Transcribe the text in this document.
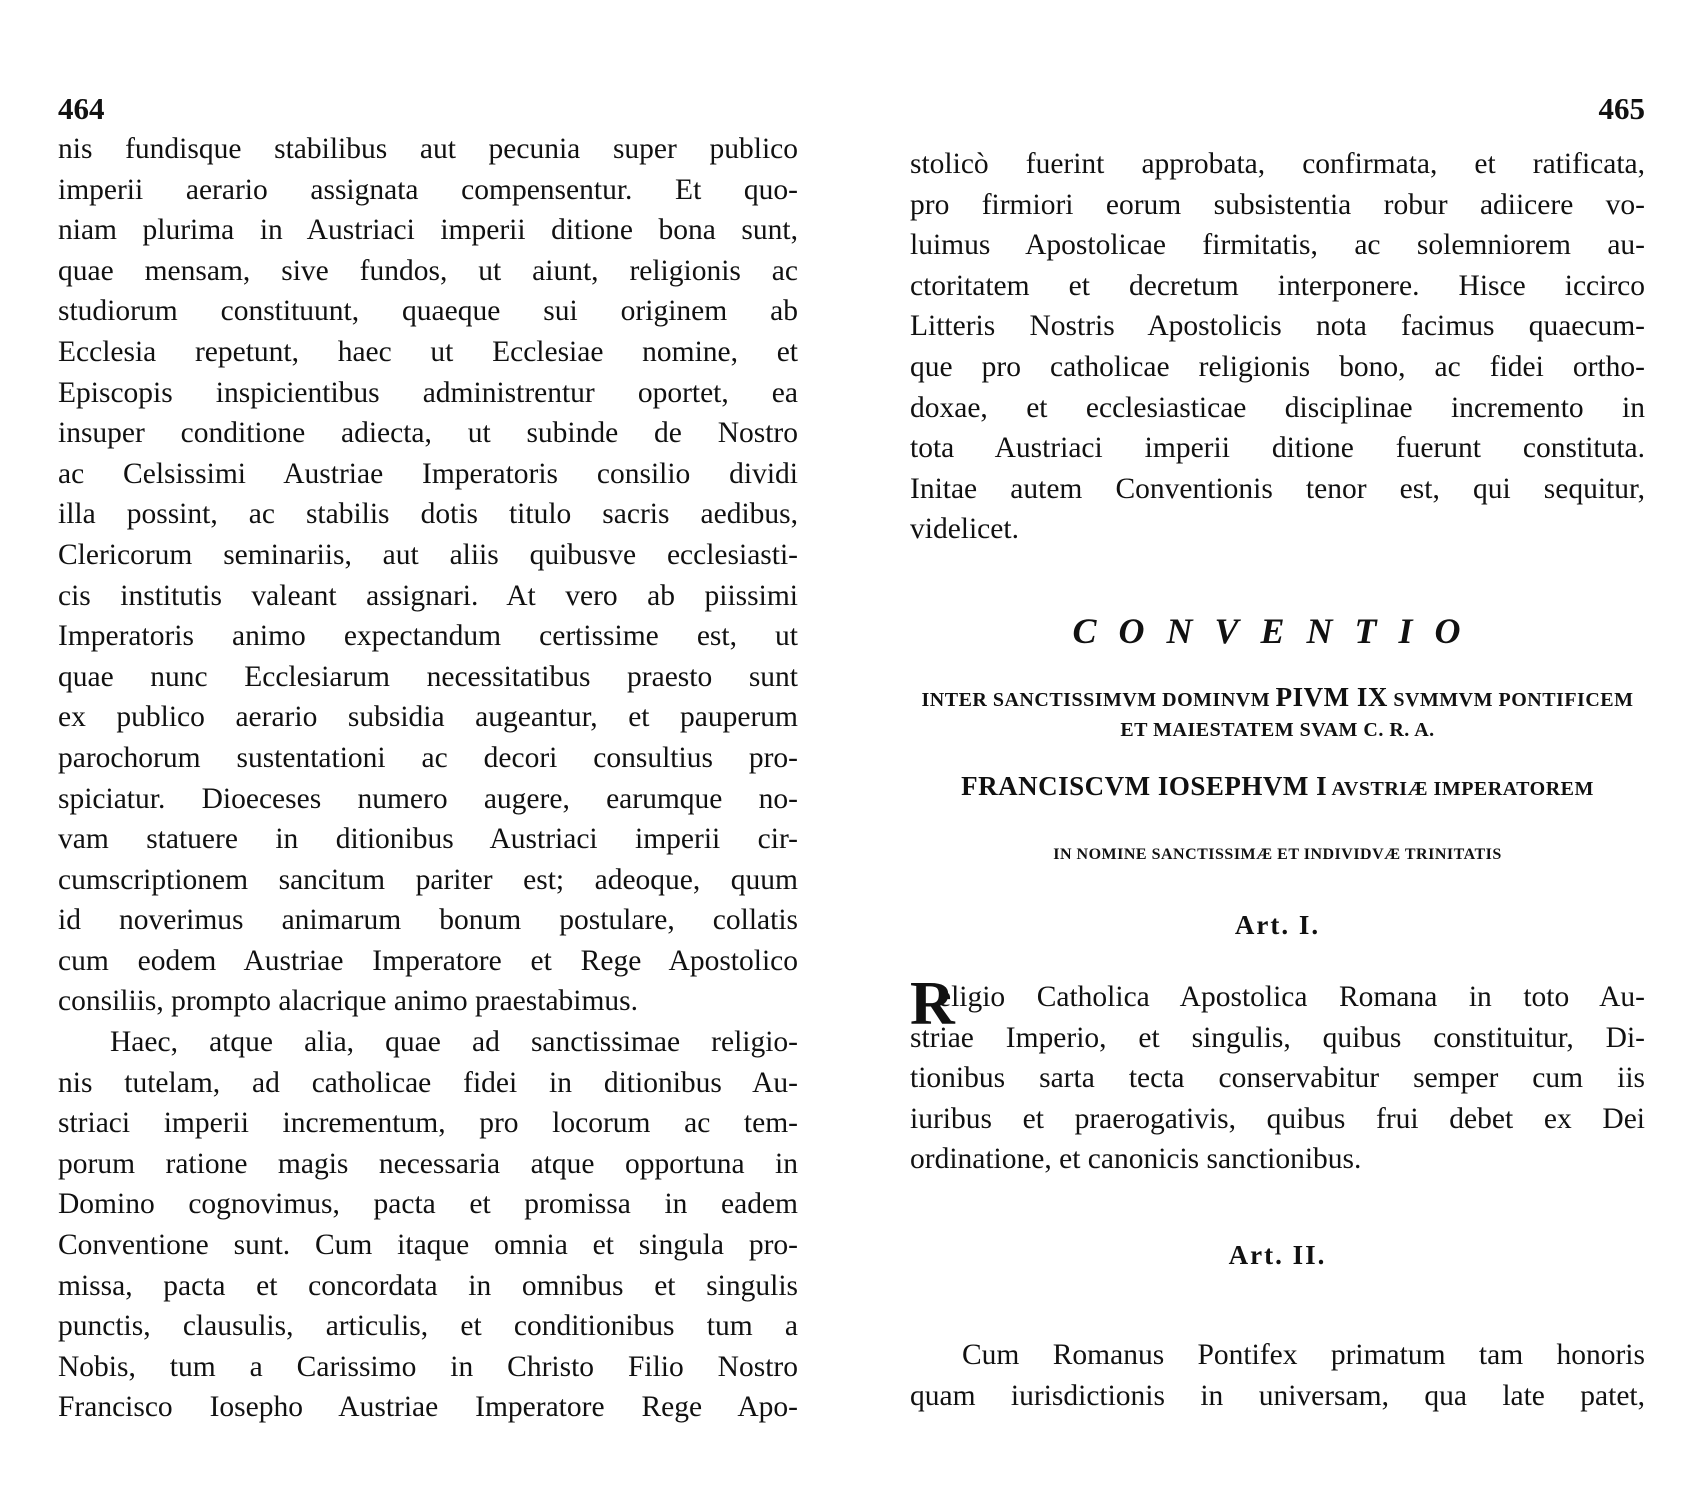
464
nis fundisque stabilibus aut pecunia super publico
imperii aerario assignata compensentur. Et quo-
niam plurima in Austriaci imperii ditione bona sunt,
quae mensam, sive fundos, ut aiunt, religionis ac
studiorum constituunt, quaeque sui originem ab
Ecclesia repetunt, haec ut Ecclesiae nomine, et
Episcopis inspicientibus administrentur oportet, ea
insuper conditione adiecta, ut subinde de Nostro
ac Celsissimi Austriae Imperatoris consilio dividi
illa possint, ac stabilis dotis titulo sacris aedibus,
Clericorum seminariis, aut aliis quibusve ecclesiasti-
cis institutis valeant assignari. At vero ab piissimi
Imperatoris animo expectandum certissime est, ut
quae nunc Ecclesiarum necessitatibus praesto sunt
ex publico aerario subsidia augeantur, et pauperum
parochorum sustentationi ac decori consultius pro-
spiciatur. Dioeceses numero augere, earumque no-
vam statuere in ditionibus Austriaci imperii cir-
cumscriptionem sancitum pariter est; adeoque, quum
id noverimus animarum bonum postulare, collatis
cum eodem Austriae Imperatore et Rege Apostolico
consiliis, prompto alacrique animo praestabimus.
Haec, atque alia, quae ad sanctissimae religio-
nis tutelam, ad catholicae fidei in ditionibus Au-
striaci imperii incrementum, pro locorum ac tem-
porum ratione magis necessaria atque opportuna in
Domino cognovimus, pacta et promissa in eadem
Conventione sunt. Cum itaque omnia et singula pro-
missa, pacta et concordata in omnibus et singulis
punctis, clausulis, articulis, et conditionibus tum a
Nobis, tum a Carissimo in Christo Filio Nostro
Francisco Iosepho Austriae Imperatore Rege Apo-
465
stolicò fuerint approbata, confirmata, et ratificata,
pro firmiori eorum subsistentia robur adiicere vo-
luimus Apostolicae firmitatis, ac solemniorem au-
ctoritatem et decretum interponere. Hisce iccirco
Litteris Nostris Apostolicis nota facimus quaecum-
que pro catholicae religionis bono, ac fidei ortho-
doxae, et ecclesiasticae disciplinae incremento in
tota Austriaci imperii ditione fuerunt constituta.
Initae autem Conventionis tenor est, qui sequitur,
videlicet.
CONVENTIO
INTER SANCTISSIMVM DOMINVM PIVM IX SVMMVM PONTIFICEM
ET MAIESTATEM SVAM C. R. A.
FRANCISCVM IOSEPHVM I AVSTRIÆ IMPERATOREM
IN NOMINE SANCTISSIMÆ ET INDIVIDVÆ TRINITATIS
Art. I.
R
eligio Catholica Apostolica Romana in toto Au-
striae Imperio, et singulis, quibus constituitur, Di-
tionibus sarta tecta conservabitur semper cum iis
iuribus et praerogativis, quibus frui debet ex Dei
ordinatione, et canonicis sanctionibus.
Art. II.
Cum Romanus Pontifex primatum tam honoris
quam iurisdictionis in universam, qua late patet,
